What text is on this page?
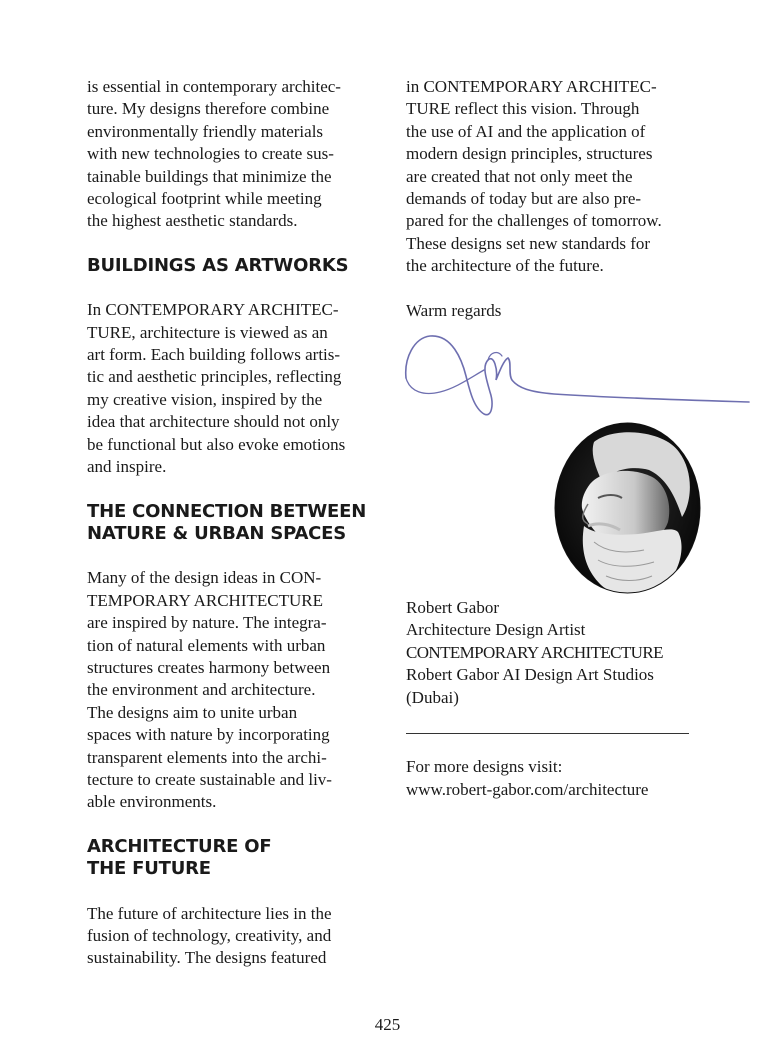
is essential in contemporary architec-
ture. My designs therefore combine
environmentally friendly materials
with new technologies to create sus-
tainable buildings that minimize the
ecological footprint while meeting
the highest aesthetic standards.

BUILDINGS AS ARTWORKS

In CONTEMPORARY ARCHITEC-
TURE, architecture is viewed as an
art form. Each building follows artis-
tic and aesthetic principles, reflecting
my creative vision, inspired by the
idea that architecture should not only
be functional but also evoke emotions
and inspire.

THE CONNECTION BETWEEN
NATURE & URBAN SPACES

Many of the design ideas in CON-
TEMPORARY ARCHITECTURE
are inspired by nature. The integra-
tion of natural elements with urban
structures creates harmony between
the environment and architecture.
The designs aim to unite urban
spaces with nature by incorporating
transparent elements into the archi-
tecture to create sustainable and liv-
able environments.

ARCHITECTURE OF
THE FUTURE

The future of architecture lies in the
fusion of technology, creativity, and
sustainability. The designs featured

in CONTEMPORARY ARCHITEC-
TURE reflect this vision. Through
the use of AI and the application of
modern design principles, structures
are created that not only meet the
demands of today but are also pre-
pared for the challenges of tomorrow.
These designs set new standards for
the architecture of the future.

Warm regards

Robert Gabor

Architecture Design Artist

CONTEMPORARY ARCHITECTURE

Robert Gabor AI Design Art Studios

(Dubai)

For more designs visit:

www.robert-gabor.com/architecture

425
